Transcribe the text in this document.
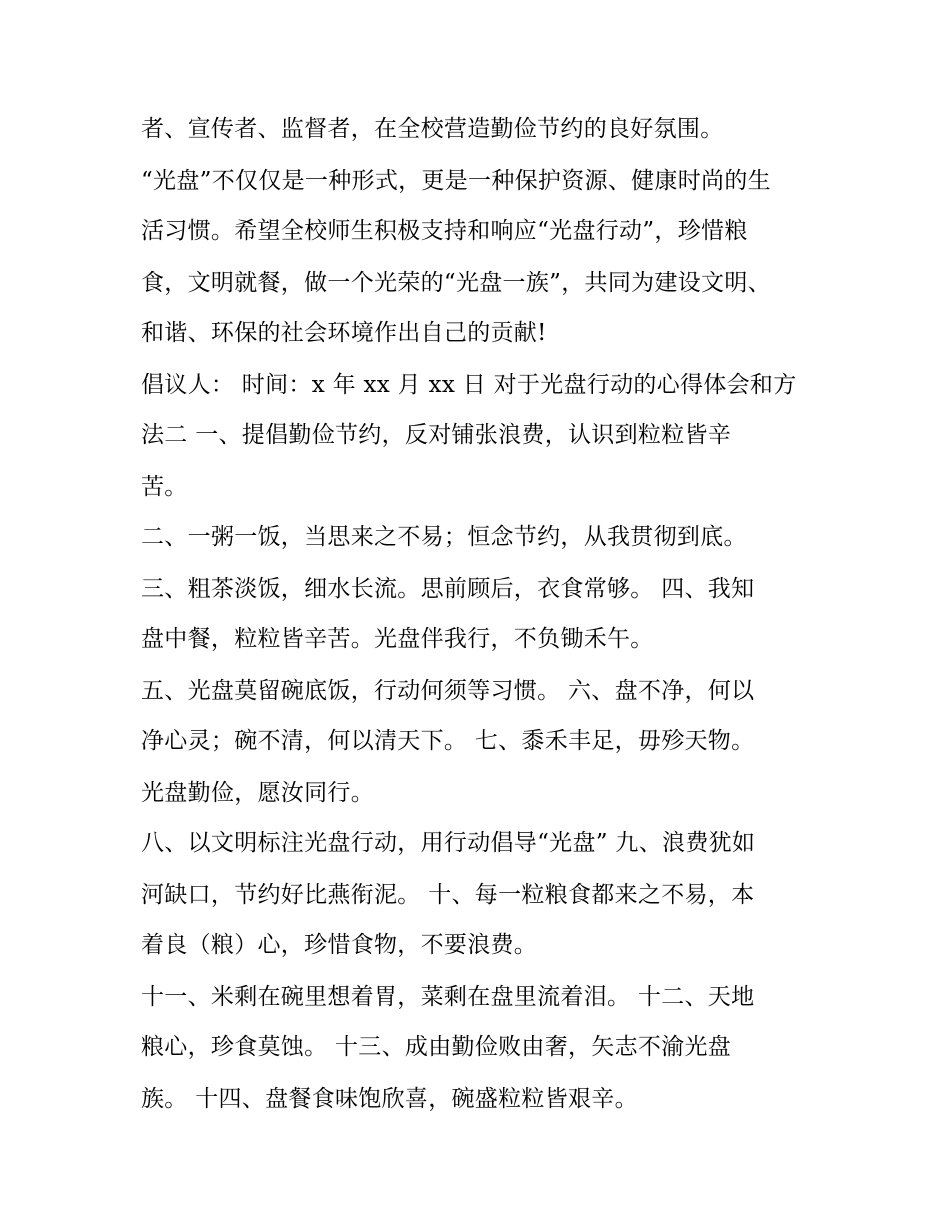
者、宣传者、监督者，在全校营造勤俭节约的良好氛围。
“光盘”不仅仅是一种形式，更是一种保护资源、健康时尚的生
活习惯。希望全校师生积极支持和响应“光盘行动”，珍惜粮
食，文明就餐，做一个光荣的“光盘一族”，共同为建设文明、
和谐、环保的社会环境作出自己的贡献!
倡议人： 时间：x 年 xx 月 xx 日 对于光盘行动的心得体会和方
法二 一、提倡勤俭节约，反对铺张浪费，认识到粒粒皆辛
苦。
二、一粥一饭，当思来之不易；恒念节约，从我贯彻到底。
三、粗茶淡饭，细水长流。思前顾后，衣食常够。 四、我知
盘中餐，粒粒皆辛苦。光盘伴我行，不负锄禾午。
五、光盘莫留碗底饭，行动何须等习惯。 六、盘不净，何以
净心灵；碗不清，何以清天下。 七、黍禾丰足，毋殄天物。
光盘勤俭，愿汝同行。
八、以文明标注光盘行动，用行动倡导“光盘” 九、浪费犹如
河缺口，节约好比燕衔泥。 十、每一粒粮食都来之不易，本
着良（粮）心，珍惜食物，不要浪费。
十一、米剩在碗里想着胃，菜剩在盘里流着泪。 十二、天地
粮心，珍食莫蚀。 十三、成由勤俭败由奢，矢志不渝光盘
族。 十四、盘餐食味饱欣喜，碗盛粒粒皆艰辛。
